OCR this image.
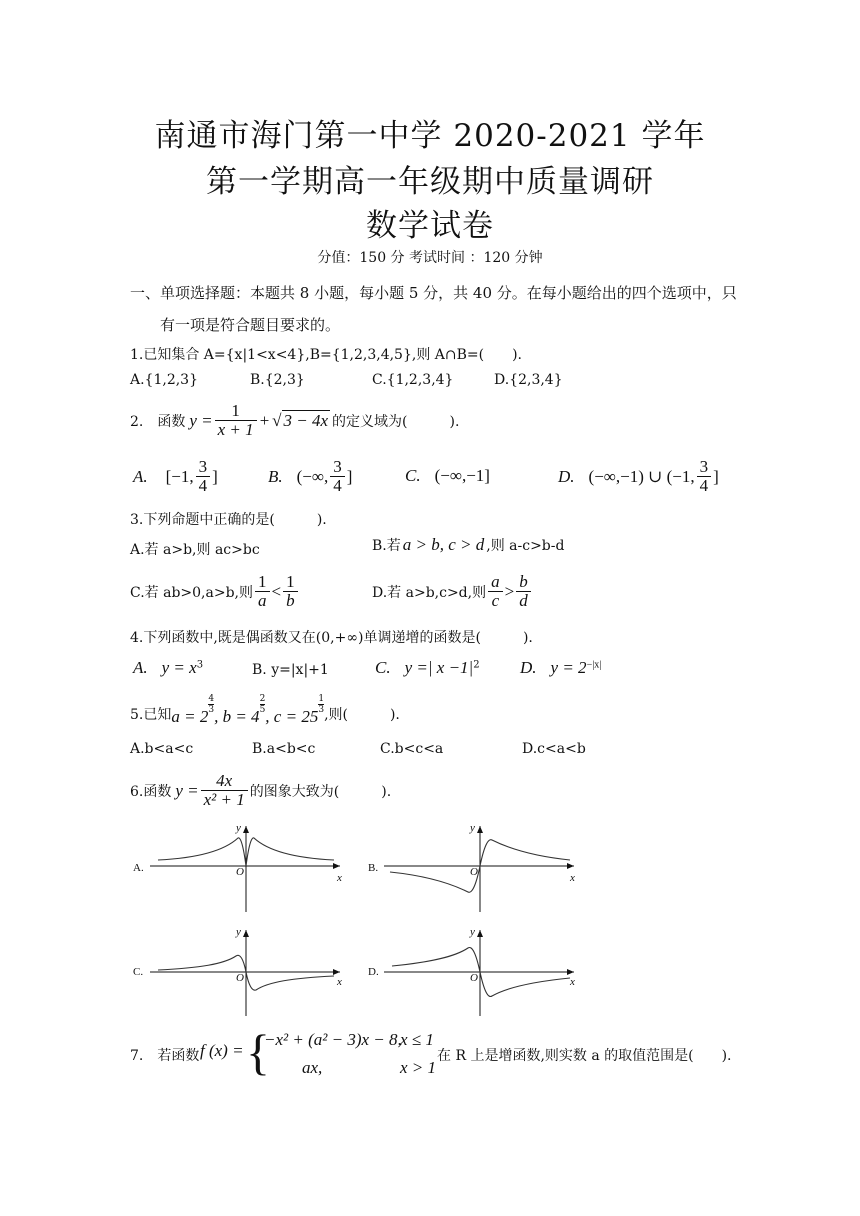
南通市海门第一中学 2020-2021 学年
第一学期高一年级期中质量调研
数学试卷
分值：150 分 考试时间 ：120 分钟
一、单项选择题：本题共 8 小题，每小题 5 分，共 40 分。在每小题给出的四个选项中，只
有一项是符合题目要求的。
1.已知集合 A={x|1<x<4},B={1,2,3,4,5},则 A∩B=(　　).
A.{1,2,3}	B.{2,3}	C.{1,2,3,4}	D.{2,3,4}
2.　函数 $y = \frac{1}{x + 1}$ + √ 3 − 4x 的定义域为(　　　).
A. [−1, $\frac{3}{4}$ ]	B. (−∞, $\frac{3}{4}$ ]	C. (−∞,−1]	D. (−∞,−1) ∪ (−1, $\frac{3}{4}$ ]
3.下列命题中正确的是(　　　).
A.若 a>b,则 ac>bc	B.若 a > b, c > d ,则 a-c>b-d
C.若 ab>0,a>b,则 $\frac{1}{a} < \frac{1}{b}$	D.若 a>b,c>d,则 $\frac{a}{c} > \frac{b}{d}$
4.下列函数中,既是偶函数又在(0,+∞)单调递增的函数是(　　　).
A. $y = x^3$	B. y=|x|+1	C. y =| $x -1|^2$ D. $y = 2^{-|x|}$
5.已知 a = 2
$\frac{4}{3}$
, b = 4
$\frac{2}{5}$
, c = 25
$\frac{1}{3}$ ,则(　　　).
A.b<a<c	B.a<b<c	C.b<c<a	D.c<a<b
6.函数 $y = \frac{4x}{\text{x² + 1}}$ 的图象大致为(　　　).
A.
y
x
O	B.
y
x
O
C.
y
x
O	D.
y
x
O
7.　若函数 f (x) = {
−x² + (a² − 3)x − 8,
x ≤ 1
ax,	x > 1
在 R 上是增函数,则实数 a 的取值范围是(　　).
